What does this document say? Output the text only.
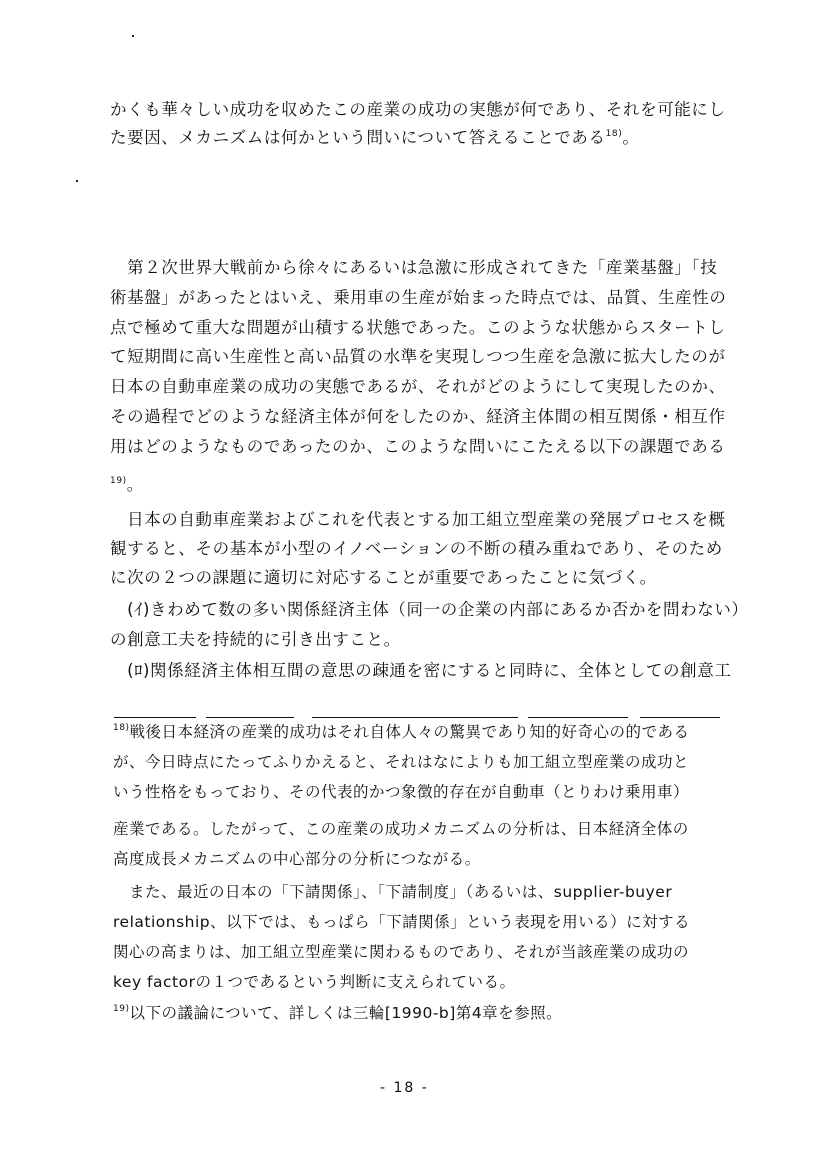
かくも華々しい成功を収めたこの産業の成功の実態が何であり、それを可能にし
た要因、メカニズムは何かという問いについて答えることである$^{18)}$。
　第２次世界大戦前から徐々にあるいは急激に形成されてきた「産業基盤」「技
術基盤」があったとはいえ、乗用車の生産が始まった時点では、品質、生産性の
点で極めて重大な問題が山積する状態であった。このような状態からスタートし
て短期間に高い生産性と高い品質の水準を実現しつつ生産を急激に拡大したのが
日本の自動車産業の成功の実態であるが、それがどのようにして実現したのか、
その過程でどのような経済主体が何をしたのか、経済主体間の相互関係・相互作
用はどのようなものであったのか、このような問いにこたえる以下の課題である
$^{19)}$。
　日本の自動車産業およびこれを代表とする加工組立型産業の発展プロセスを概
観すると、その基本が小型のイノベーションの不断の積み重ねであり、そのため
に次の２つの課題に適切に対応することが重要であったことに気づく。
　(ｲ)きわめて数の多い関係経済主体（同一の企業の内部にあるか否かを問わない）
の創意工夫を持続的に引き出すこと。
　(ﾛ)関係経済主体相互間の意思の疎通を密にすると同時に、全体としての創意工
$^{18)}$戦後日本経済の産業的成功はそれ自体人々の驚異であり知的好奇心の的である
が、今日時点にたってふりかえると、それはなによりも加工組立型産業の成功と
いう性格をもっており、その代表的かつ象徴的存在が自動車（とりわけ乗用車）
産業である。したがって、この産業の成功メカニズムの分析は、日本経済全体の
高度成長メカニズムの中心部分の分析につながる。
　また、最近の日本の「下請関係」、「下請制度」（あるいは、supplier-buyer
relationship、以下では、もっぱら「下請関係」という表現を用いる）に対する
関心の高まりは、加工組立型産業に関わるものであり、それが当該産業の成功の
key factorの１つであるという判断に支えられている。
$^{19)}$以下の議論について、詳しくは三輪[1990-b]第4章を参照。
- 18 -
